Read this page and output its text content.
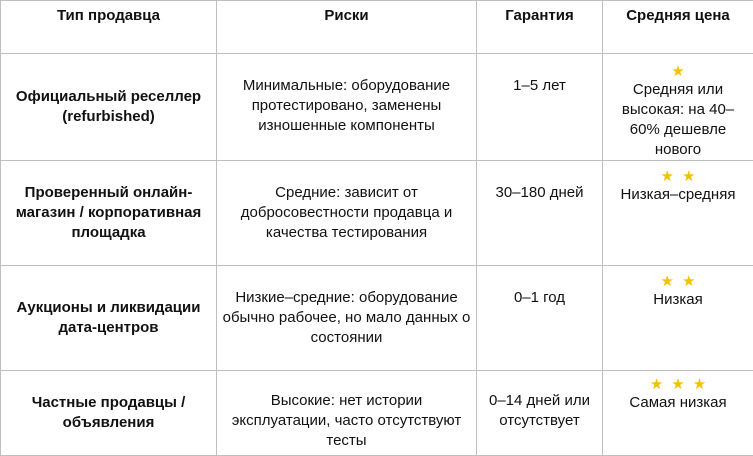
Тип продавца	Риски	Гарантия	Средняя цена
Официальный реселлер (refurbished)	Минимальные: оборудование протестировано, заменены изношенные компоненты	1–5 лет	★
Средняя или высокая: на 40–60% дешевле нового

Проверенный онлайн-магазин / корпоративная площадка	Средние: зависит от добросовестности продавца и качества тестирования	30–180 дней	★★
Низкая–средняя

Аукционы и ликвидации дата-центров	Низкие–средние: оборудование обычно рабочее, но мало данных о состоянии	0–1 год	★★
Низкая

Частные продавцы / объявления	Высокие: нет истории эксплуатации, часто отсутствуют тесты	0–14 дней или отсутствует	★★★
Самая низкая
